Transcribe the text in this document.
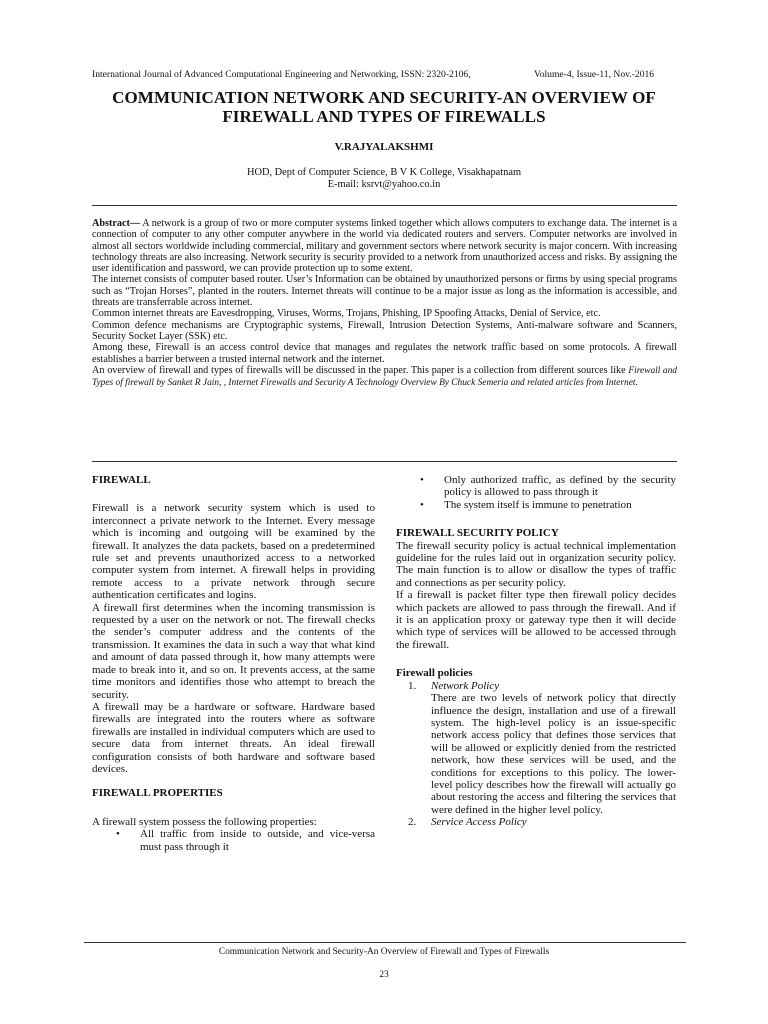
International Journal of Advanced Computational Engineering and Networking, ISSN: 2320-2106,	Volume-4, Issue-11, Nov.-2016
COMMUNICATION NETWORK AND SECURITY-AN OVERVIEW OF
FIREWALL AND TYPES OF FIREWALLS
V.RAJYALAKSHMI
HOD, Dept of Computer Science, B V K College, Visakhapatnam
E-mail: ksrvt@yahoo.co.in

Abstract— A network is a group of two or more computer systems linked together which allows computers to exchange data. The internet is a connection of computer to any other computer anywhere in the world via dedicated routers and servers. Computer networks are involved in almost all sectors worldwide including commercial, military and government sectors where network security is major concern. With increasing technology threats are also increasing. Network security is security provided to a network from unauthorized access and risks. By assigning the user identification and password, we can provide protection up to some extent.

The internet consists of computer based router. User’s Information can be obtained by unauthorized persons or firms by using special programs such as “Trojan Horses”, planted in the routers. Internet threats will continue to be a major issue as long as the information is accessible, and threats are transferrable across internet.

Common internet threats are Eavesdropping, Viruses, Worms, Trojans, Phishing, IP Spoofing Attacks, Denial of Service, etc.

Common defence mechanisms are Cryptographic systems, Firewall, Intrusion Detection Systems, Anti-malware software and Scanners, Security Socket Layer (SSK) etc.

Among these, Firewall is an access control device that manages and regulates the network traffic based on some protocols. A firewall establishes a barrier between a trusted internal network and the internet.

An overview of firewall and types of firewalls will be discussed in the paper. This paper is a collection from different sources like Firewall and Types of firewall by Sanket R Jain, , Internet Firewalls and Security A Technology Overview By Chuck Semeria and related articles from Internet.

FIREWALL

Firewall is a network security system which is used to interconnect a private network to the Internet. Every message which is incoming and outgoing will be examined by the firewall. It analyzes the data packets, based on a predetermined rule set and prevents unauthorized access to a networked computer system from internet. A firewall helps in providing remote access to a private network through secure authentication certificates and logins.

A firewall first determines when the incoming transmission is requested by a user on the network or not. The firewall checks the sender’s computer address and the contents of the transmission. It examines the data in such a way that what kind and amount of data passed through it, how many attempts were made to break into it, and so on. It prevents access, at the same time monitors and identifies those who attempt to breach the security.

A firewall may be a hardware or software. Hardware based firewalls are integrated into the routers where as software firewalls are installed in individual computers which are used to secure data from internet threats. An ideal firewall configuration consists of both hardware and software based devices.

FIREWALL PROPERTIES

A firewall system possess the following properties:

• All traffic from inside to outside, and vice-versa must pass through it
• Only authorized traffic, as defined by the security policy is allowed to pass through it
• The system itself is immune to penetration

FIREWALL SECURITY POLICY

The firewall security policy is actual technical implementation guideline for the rules laid out in organization security policy. The main function is to allow or disallow the types of traffic and connections as per security policy.

If a firewall is packet filter type then firewall policy decides which packets are allowed to pass through the firewall. And if it is an application proxy or gateway type then it will decide which type of services will be allowed to be accessed through the firewall.

Firewall policies

1. Network Policy

There are two levels of network policy that directly influence the design, installation and use of a firewall system. The high-level policy is an issue-specific network access policy that defines those services that will be allowed or explicitly denied from the restricted network, how these services will be used, and the conditions for exceptions to this policy. The lower-level policy describes how the firewall will actually go about restoring the access and filtering the services that were defined in the higher level policy.

2. Service Access Policy
Communication Network and Security-An Overview of Firewall and Types of Firewalls
23
